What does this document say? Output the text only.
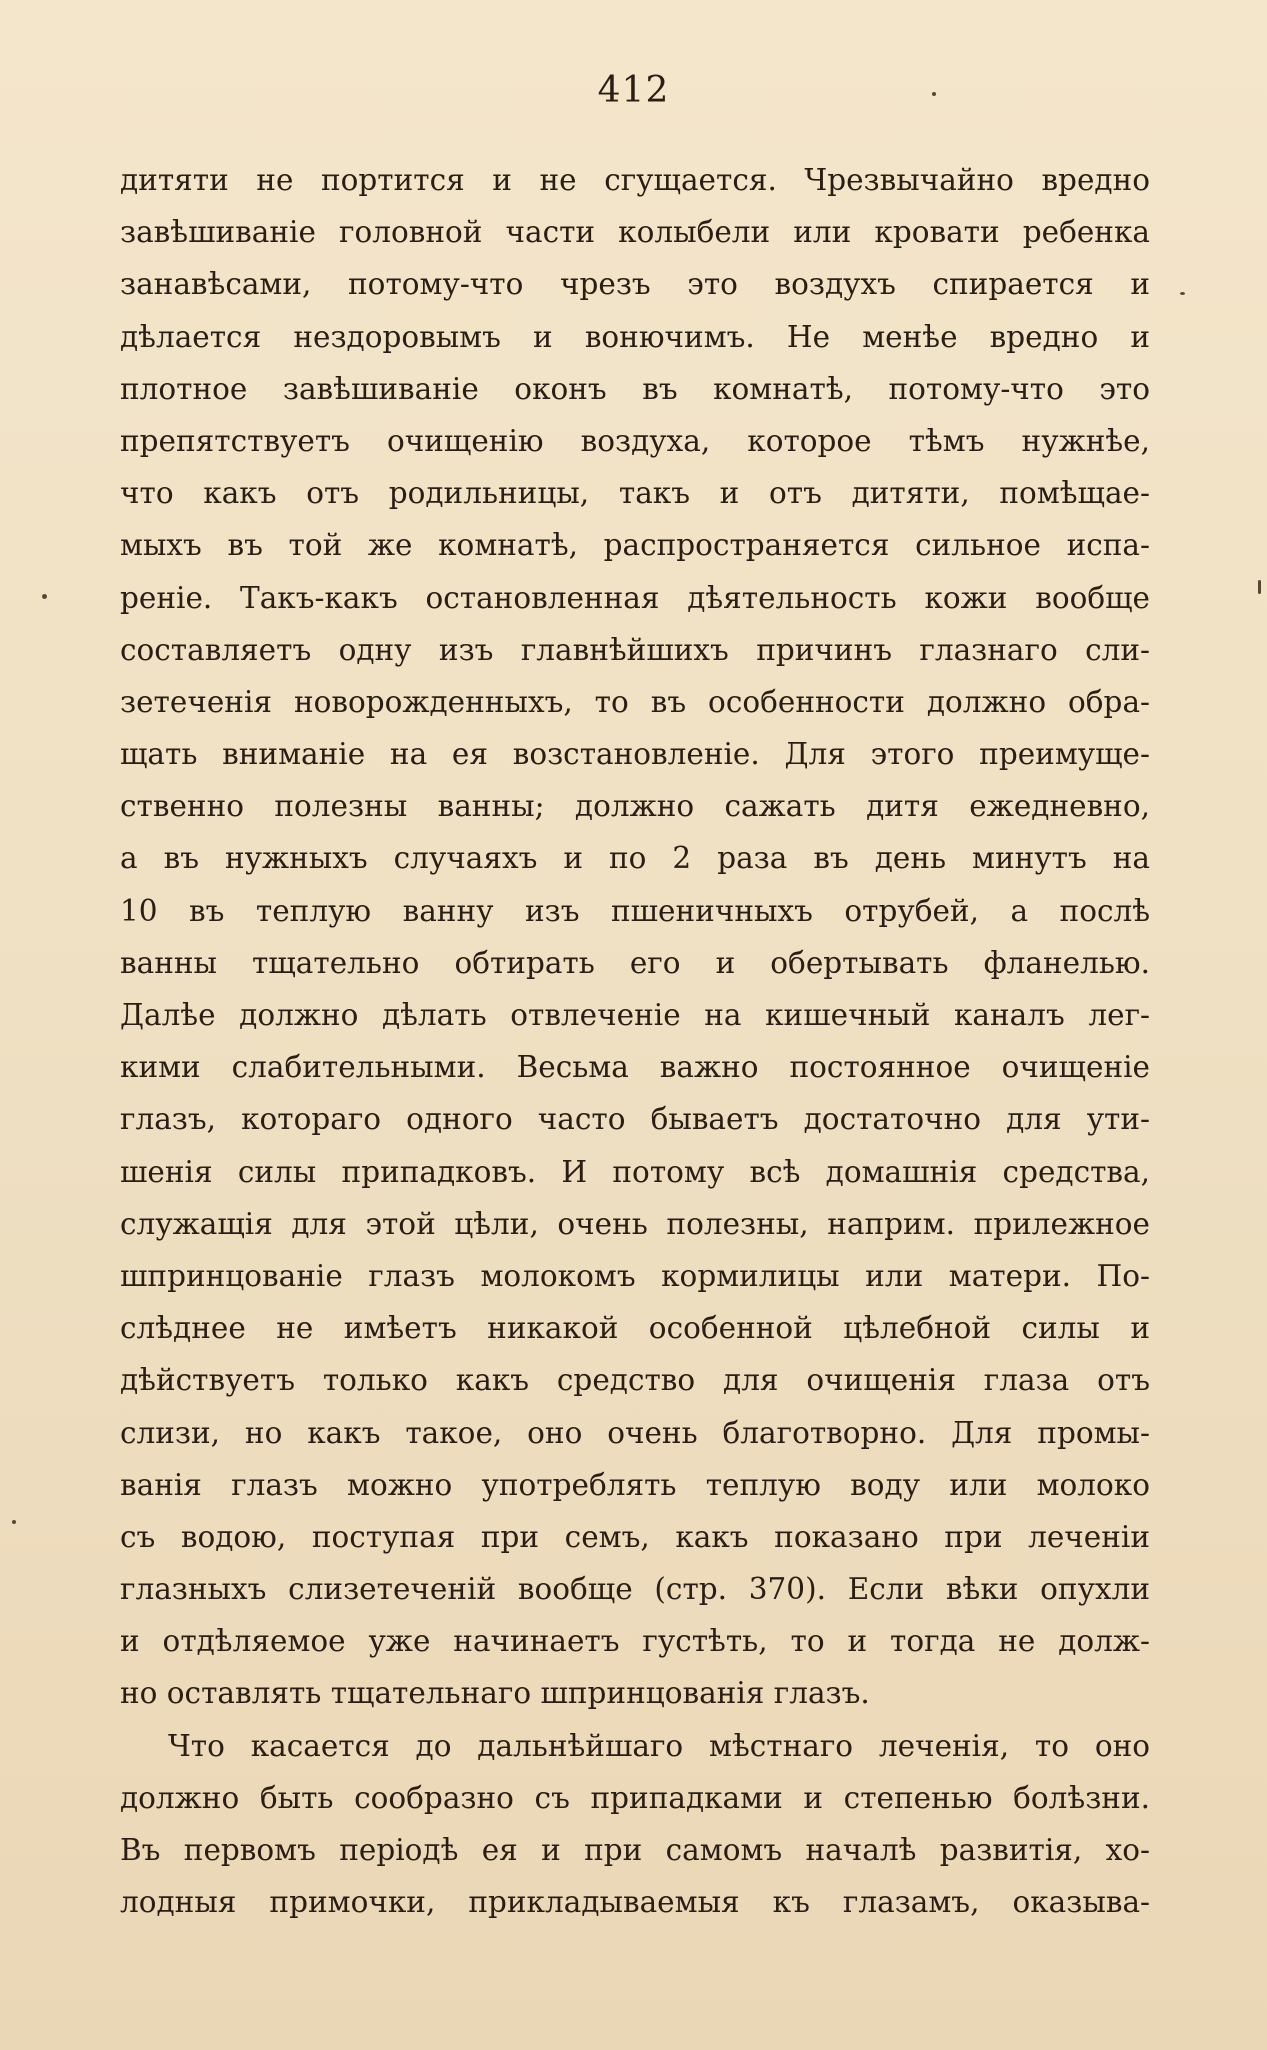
412
дитяти не портится и не сгущается. Чрезвычайно вредно
завѣшиваніе головной части колыбели или кровати ребенка
занавѣсами, потому-что чрезъ это воздухъ спирается и
дѣлается нездоровымъ и вонючимъ. Не менѣе вредно и
плотное завѣшиваніе оконъ въ комнатѣ, потому-что это
препятствуетъ очищенію воздуха, которое тѣмъ нужнѣе,
что какъ отъ родильницы, такъ и отъ дитяти, помѣщае-
мыхъ въ той же комнатѣ, распространяется сильное испа-
реніе. Такъ-какъ остановленная дѣятельность кожи вообще
составляетъ одну изъ главнѣйшихъ причинъ глазнаго сли-
зетеченія новорожденныхъ, то въ особенности должно обра-
щать вниманіе на ея возстановленіе. Для этого преимуще-
ственно полезны ванны; должно сажать дитя ежедневно,
а въ нужныхъ случаяхъ и по 2 раза въ день минутъ на
10 въ теплую ванну изъ пшеничныхъ отрубей, а послѣ
ванны тщательно обтирать его и обертывать фланелью.
Далѣе должно дѣлать отвлеченіе на кишечный каналъ лег-
кими слабительными. Весьма важно постоянное очищеніе
глазъ, котораго одного часто бываетъ достаточно для ути-
шенія силы припадковъ. И потому всѣ домашнія средства,
служащія для этой цѣли, очень полезны, наприм. прилежное
шпринцованіе глазъ молокомъ кормилицы или матери. По-
слѣднее не имѣетъ никакой особенной цѣлебной силы и
дѣйствуетъ только какъ средство для очищенія глаза отъ
слизи, но какъ такое, оно очень благотворно. Для промы-
ванія глазъ можно употреблять теплую воду или молоко
съ водою, поступая при семъ, какъ показано при леченіи
глазныхъ слизетеченій вообще (стр. 370). Если вѣки опухли
и отдѣляемое уже начинаетъ густѣть, то и тогда не долж-
но оставлять тщательнаго шпринцованія глазъ.
Что касается до дальнѣйшаго мѣстнаго леченія, то оно
должно быть сообразно съ припадками и степенью болѣзни.
Въ первомъ періодѣ ея и при самомъ началѣ развитія, хо-
лодныя примочки, прикладываемыя къ глазамъ, оказыва-
